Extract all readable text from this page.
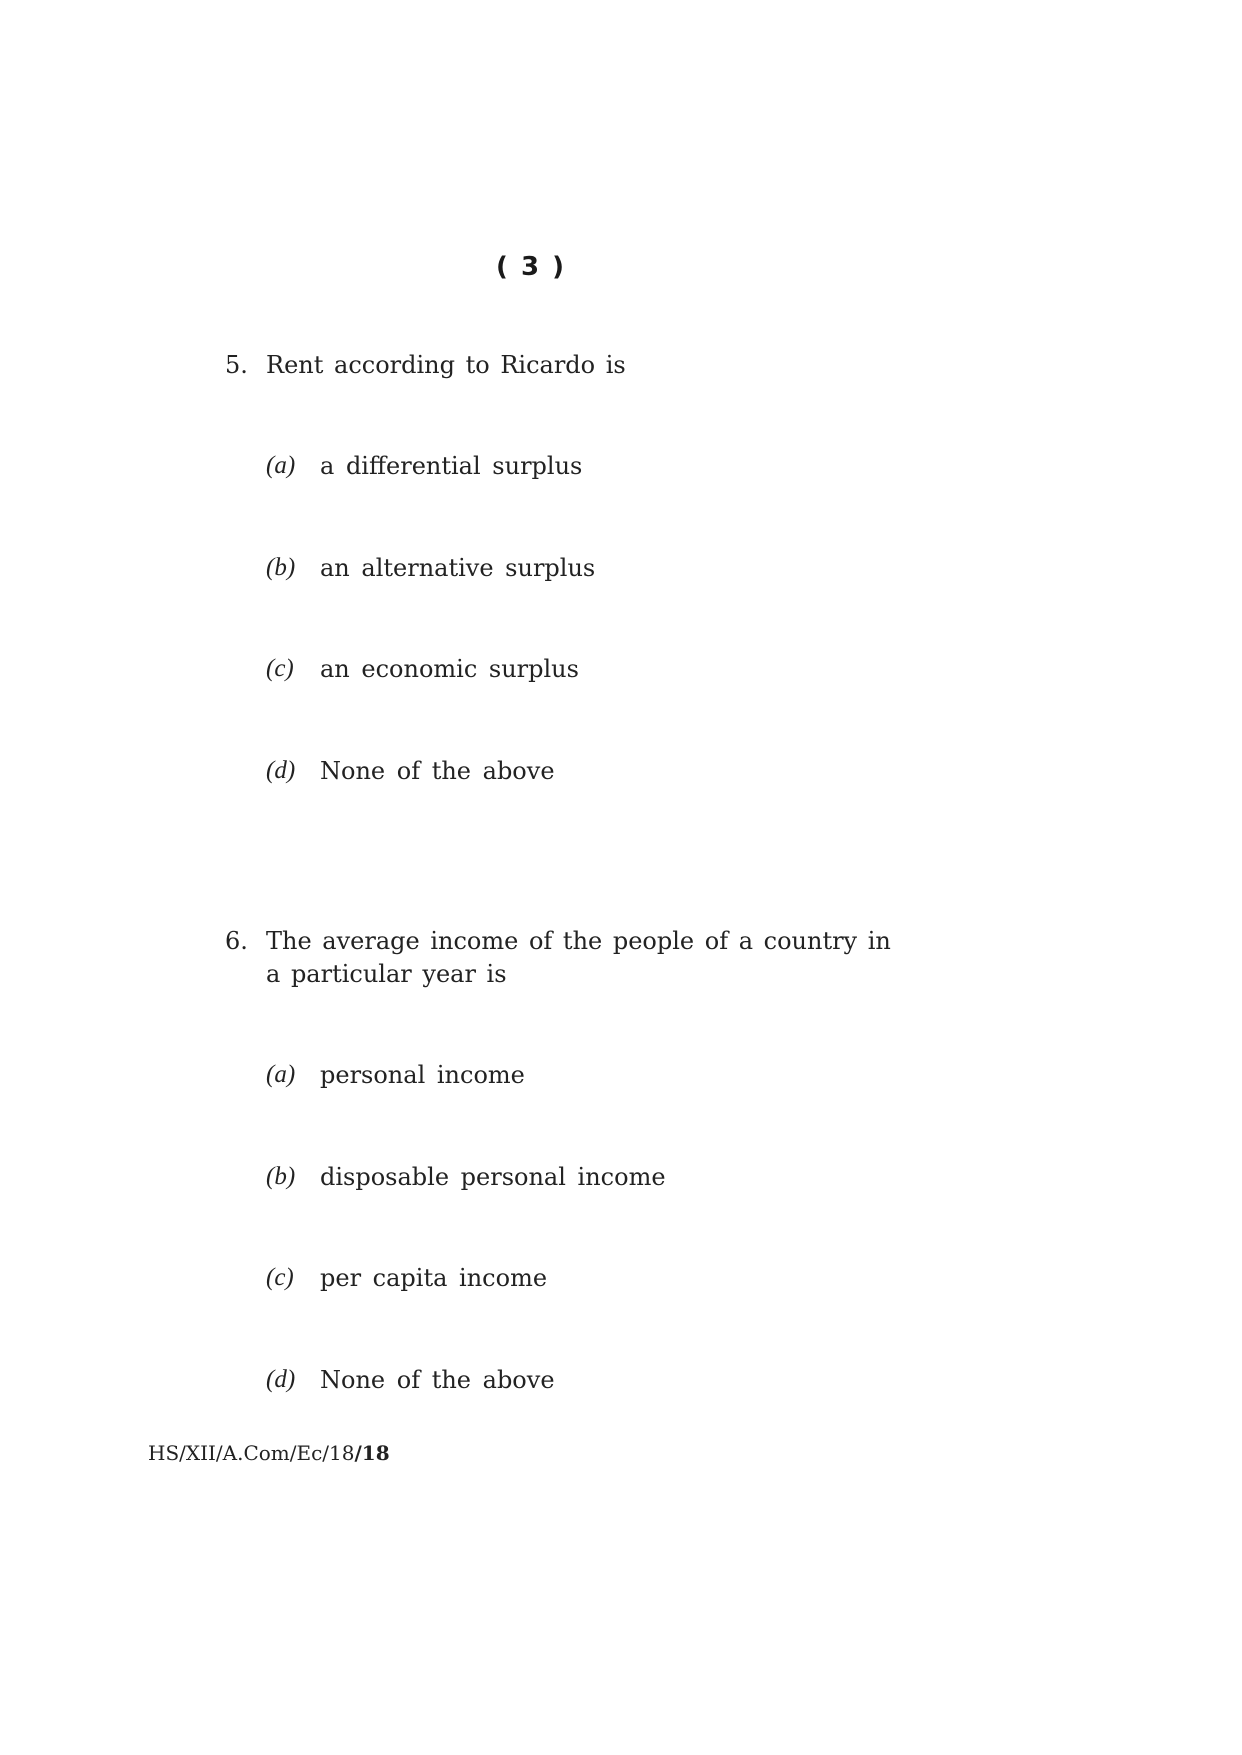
( 3 )
5. Rent according to Ricardo is
(a) a differential surplus
(b) an alternative surplus
(c) an economic surplus
(d) None of the above
6. The average income of the people of a country in
a particular year is
(a) personal income
(b) disposable personal income
(c) per capita income
(d) None of the above
HS/XII/A.Com/Ec/18/18
